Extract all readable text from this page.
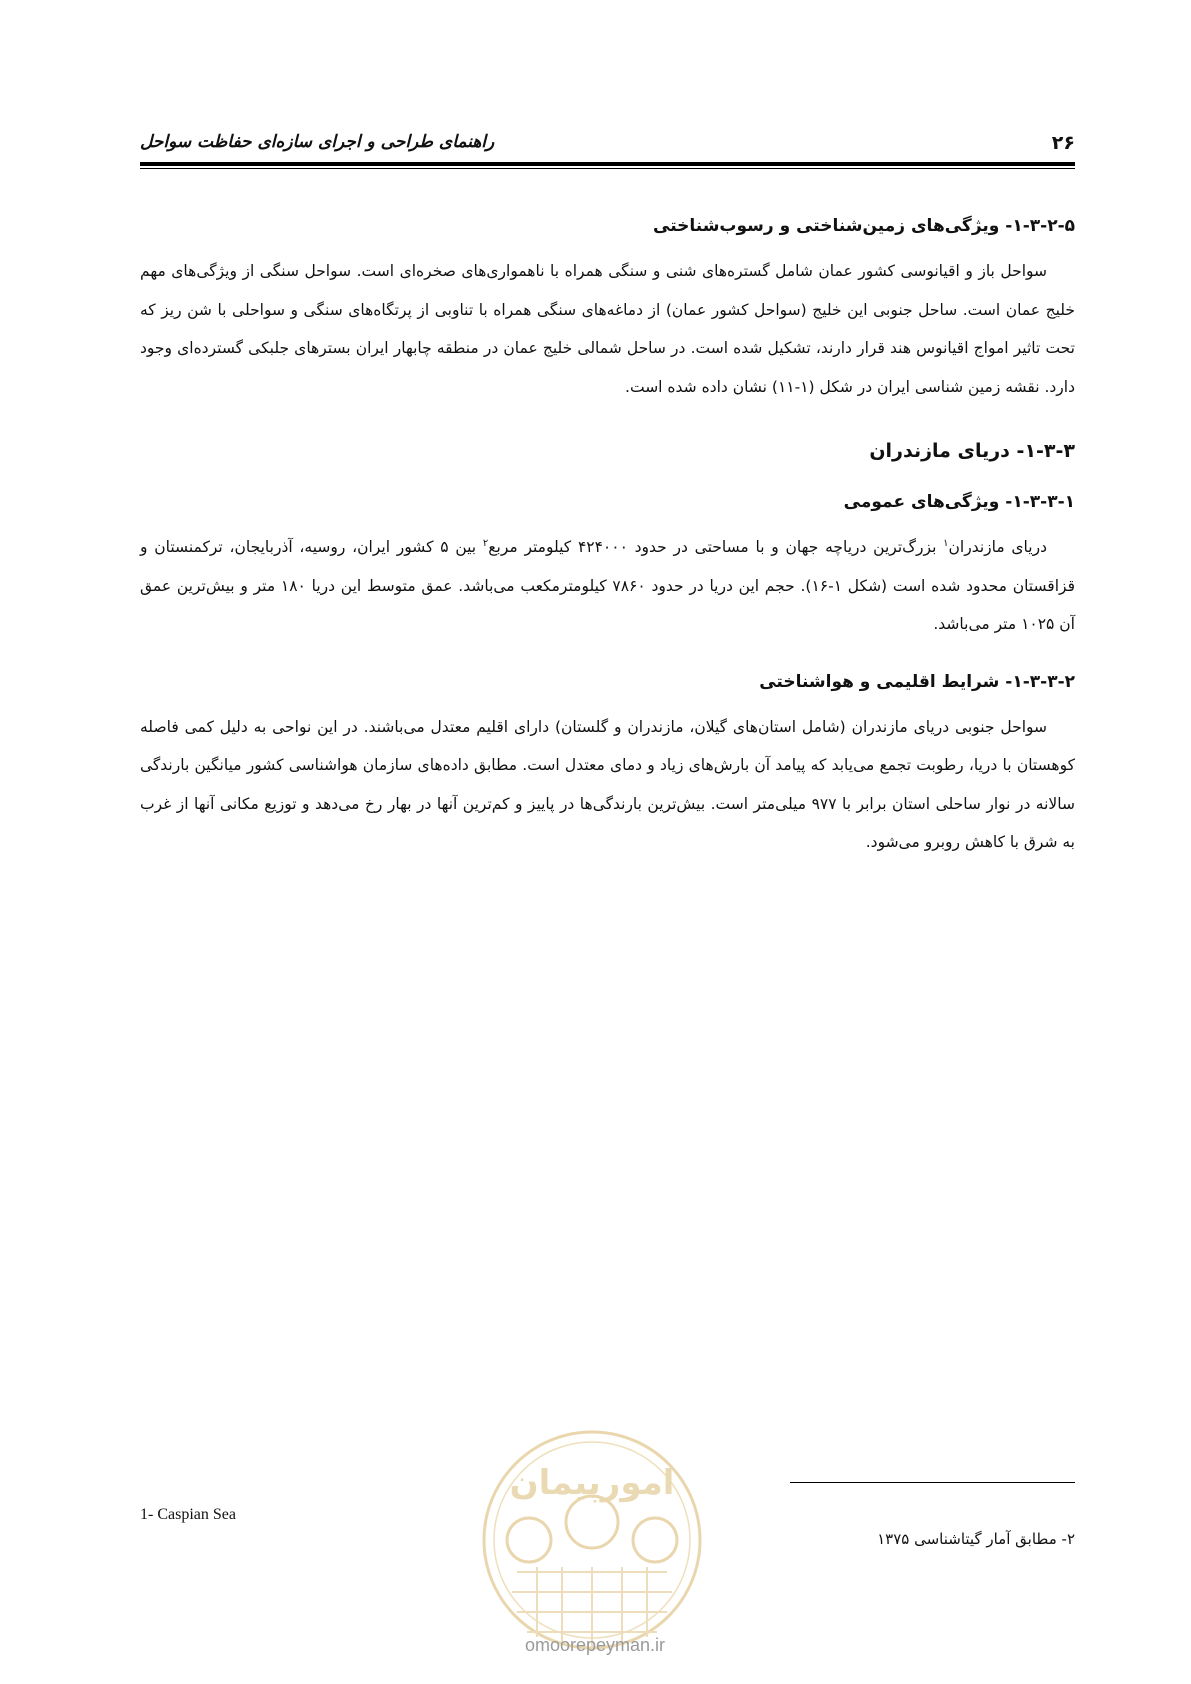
۲۶
راهنمای طراحی و اجرای سازه‌ای حفاظت سواحل
۱-۳-۲-۵- ویژگی‌های زمین‌شناختی و رسوب‌شناختی

سواحل باز و اقیانوسی کشور عمان شامل گستره‌های شنی و سنگی همراه با ناهمواری‌های صخره‌ای است. سواحل سنگی از ویژگی‌های مهم خلیج عمان است. ساحل جنوبی این خلیج (سواحل کشور عمان) از دماغه‌های سنگی همراه با تناوبی از پرتگاه‌های سنگی و سواحلی با شن ریز که تحت تاثیر امواج اقیانوس هند قرار دارند، تشکیل شده است. در ساحل شمالی خلیج عمان در منطقه چابهار ایران بسترهای جلبکی گسترده‌ای وجود دارد. نقشه زمین شناسی ایران در شکل (۱-۱۱) نشان داده شده است.

۱-۳-۳- دریای مازندران
۱-۳-۳-۱- ویژگی‌های عمومی

دریای مازندران$^۱$ بزرگ‌ترین دریاچه جهان و با مساحتی در حدود ۴۲۴۰۰۰ کیلومتر مربع$^۲$ بین ۵ کشور ایران، روسیه، آذربایجان، ترکمنستان و قزاقستان محدود شده است (شکل ۱-۱۶). حجم این دریا در حدود ۷۸۶۰ کیلومترمکعب می‌باشد. عمق متوسط این دریا ۱۸۰ متر و بیش‌ترین عمق آن ۱۰۲۵ متر می‌باشد.

۱-۳-۳-۲- شرایط اقلیمی و هواشناختی

سواحل جنوبی دریای مازندران (شامل استان‌های گیلان، مازندران و گلستان) دارای اقلیم معتدل می‌باشند. در این نواحی به دلیل کمی فاصله کوهستان با دریا، رطوبت تجمع می‌یابد که پیامد آن بارش‌های زیاد و دمای معتدل است. مطابق داده‌های سازمان هواشناسی کشور میانگین بارندگی سالانه در نوار ساحلی استان برابر با ۹۷۷ میلی‌متر است. بیش‌ترین بارندگی‌ها در پاییز و کم‌ترین آنها در بهار رخ می‌دهد و توزیع مکانی آنها از غرب به شرق با کاهش روبرو می‌شود.

1- Caspian Sea
۲- مطابق آمار گیتاشناسی ۱۳۷۵
امورپیمان
omoorepeyman.ir
